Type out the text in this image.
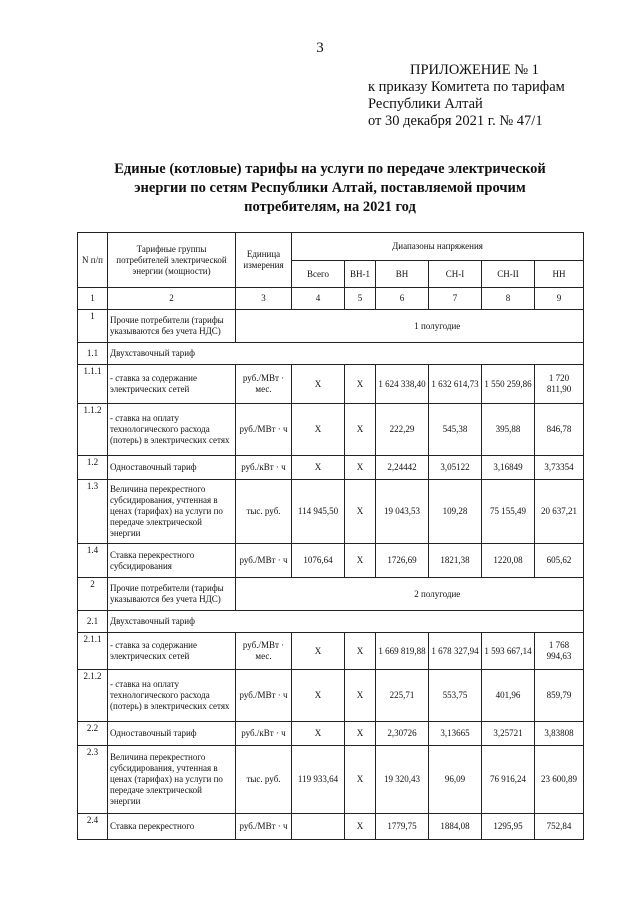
3
ПРИЛОЖЕНИЕ № 1
к приказу Комитета по тарифам
Республики Алтай
от 30 декабря 2021 г. № 47/1
Единые (котловые) тарифы на услуги по передаче электрической
энергии по сетям Республики Алтай, поставляемой прочим
потребителям, на 2021 год
N п/п	Тарифные группы потребителей электрической энергии (мощности)	Единица измерения	Диапазоны напряжения					
			Всего	ВН-1	ВН	СН-I	СН-II	НН
1	2	3	4	5	6	7	8	9
1	Прочие потребители (тарифы указываются без учета НДС)		1 полугодие					
1.1	Двухставочный тариф							
1.1.1	- ставка за содержание электрических сетей	руб./МВт · мес.	X	X	1 624 338,40	1 632 614,73	1 550 259,86	1 720 811,90
1.1.2	- ставка на оплату технологического расхода (потерь) в электрических сетях	руб./МВт · ч	X	X	222,29	545,38	395,88	846,78
1.2	Одноставочный тариф	руб./кВт · ч	X	X	2,24442	3,05122	3,16849	3,73354
1.3	Величина перекрестного субсидирования, учтенная в ценах (тарифах) на услуги по передаче электрической энергии	тыс. руб.	114 945,50	X	19 043,53	109,28	75 155,49	20 637,21
1.4	Ставка перекрестного субсидирования	руб./МВт · ч	1076,64	X	1726,69	1821,38	1220,08	605,62
2	Прочие потребители (тарифы указываются без учета НДС)		2 полугодие					
2.1	Двухставочный тариф							
2.1.1	- ставка за содержание электрических сетей	руб./МВт · мес.	X	X	1 669 819,88	1 678 327,94	1 593 667,14	1 768 994,63
2.1.2	- ставка на оплату технологического расхода (потерь) в электрических сетях	руб./МВт · ч	X	X	225,71	553,75	401,96	859,79
2.2	Одноставочный тариф	руб./кВт · ч	X	X	2,30726	3,13665	3,25721	3,83808
2.3	Величина перекрестного субсидирования, учтенная в ценах (тарифах) на услуги по передаче электрической энергии	тыс. руб.	119 933,64	X	19 320,43	96,09	76 916,24	23 600,89
2.4	Ставка перекрестного	руб./МВт · ч		X	1779,75	1884,08	1295,95	752,84
